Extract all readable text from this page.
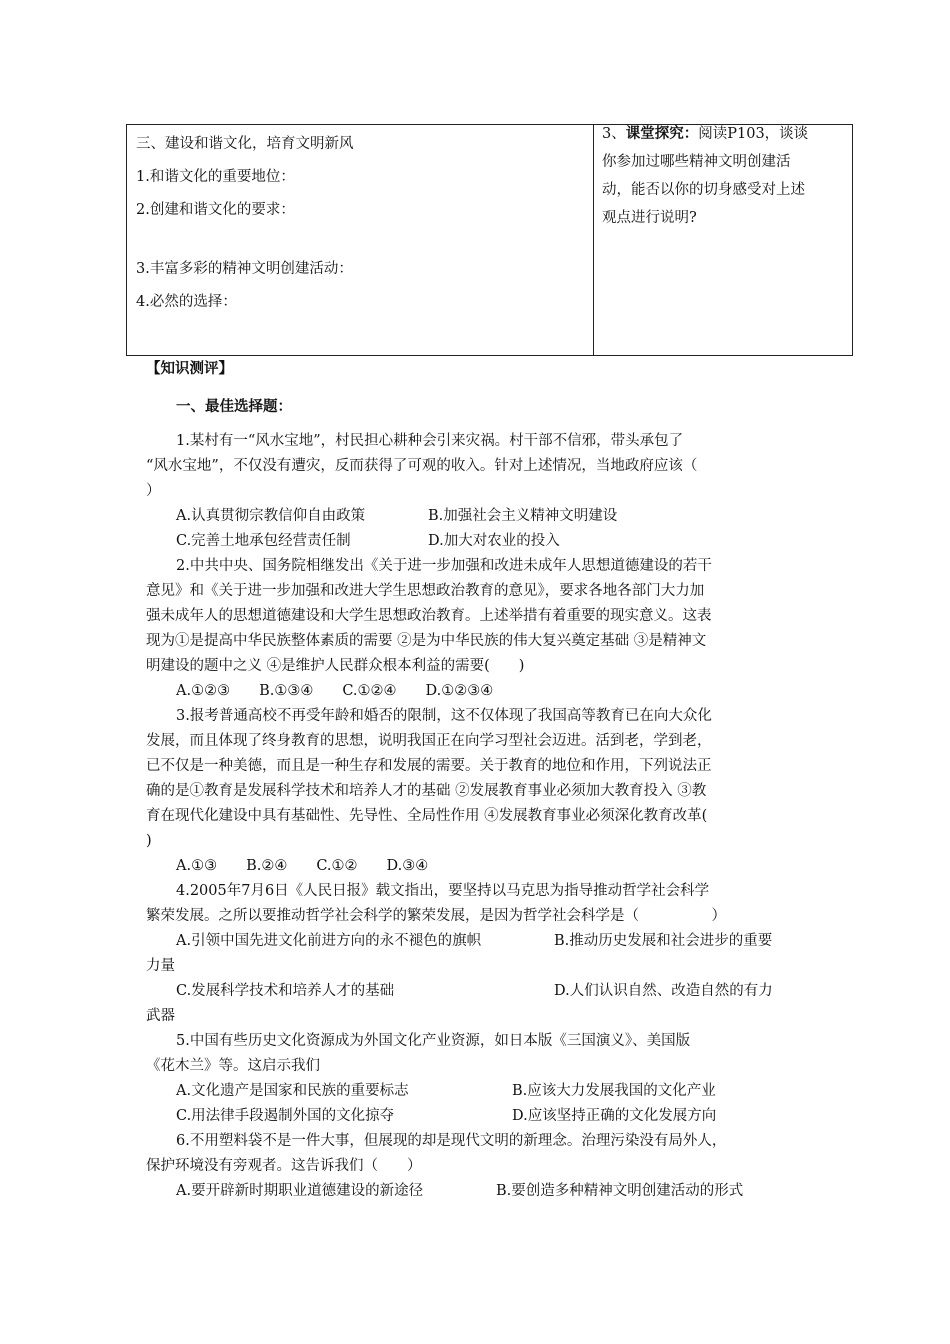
三、建设和谐文化，培育文明新风
1.和谐文化的重要地位：
2.创建和谐文化的要求：
3.丰富多彩的精神文明创建活动：
4.必然的选择：
3、课堂探究：阅读P103，谈谈
你参加过哪些精神文明创建活
动，能否以你的切身感受对上述
观点进行说明?
【知识测评】
一、最佳选择题：
1.某村有一“风水宝地”，村民担心耕种会引来灾祸。村干部不信邪，带头承包了
“风水宝地”，不仅没有遭灾，反而获得了可观的收入。针对上述情况，当地政府应该（
）
A.认真贯彻宗教信仰自由政策	B.加强社会主义精神文明建设
C.完善土地承包经营责任制	D.加大对农业的投入
2.中共中央、国务院相继发出《关于进一步加强和改进未成年人思想道德建设的若干
意见》和《关于进一步加强和改进大学生思想政治教育的意见》，要求各地各部门大力加
强未成年人的思想道德建设和大学生思想政治教育。上述举措有着重要的现实意义。这表
现为①是提高中华民族整体素质的需要 ②是为中华民族的伟大复兴奠定基础 ③是精神文
明建设的题中之义 ④是维护人民群众根本利益的需要(　　)
A.①②③　　B.①③④　　C.①②④　　D.①②③④
3.报考普通高校不再受年龄和婚否的限制，这不仅体现了我国高等教育已在向大众化
发展，而且体现了终身教育的思想，说明我国正在向学习型社会迈进。活到老，学到老，
已不仅是一种美德，而且是一种生存和发展的需要。关于教育的地位和作用，下列说法正
确的是①教育是发展科学技术和培养人才的基础 ②发展教育事业必须加大教育投入 ③教
育在现代化建设中具有基础性、先导性、全局性作用 ④发展教育事业必须深化教育改革(
)
A.①③　　B.②④　　C.①②　　D.③④
4.2005年7月6日《人民日报》载文指出，要坚持以马克思为指导推动哲学社会科学
繁荣发展。之所以要推动哲学社会科学的繁荣发展，是因为哲学社会科学是（　　　　　）
A.引领中国先进文化前进方向的永不褪色的旗帜	B.推动历史发展和社会进步的重要
力量
C.发展科学技术和培养人才的基础	D.人们认识自然、改造自然的有力
武器
5.中国有些历史文化资源成为外国文化产业资源，如日本版《三国演义》、美国版
《花木兰》等。这启示我们
A.文化遗产是国家和民族的重要标志	B.应该大力发展我国的文化产业
C.用法律手段遏制外国的文化掠夺	D.应该坚持正确的文化发展方向
6.不用塑料袋不是一件大事，但展现的却是现代文明的新理念。治理污染没有局外人，
保护环境没有旁观者。这告诉我们（　　）
A.要开辟新时期职业道德建设的新途径	B.要创造多种精神文明创建活动的形式
